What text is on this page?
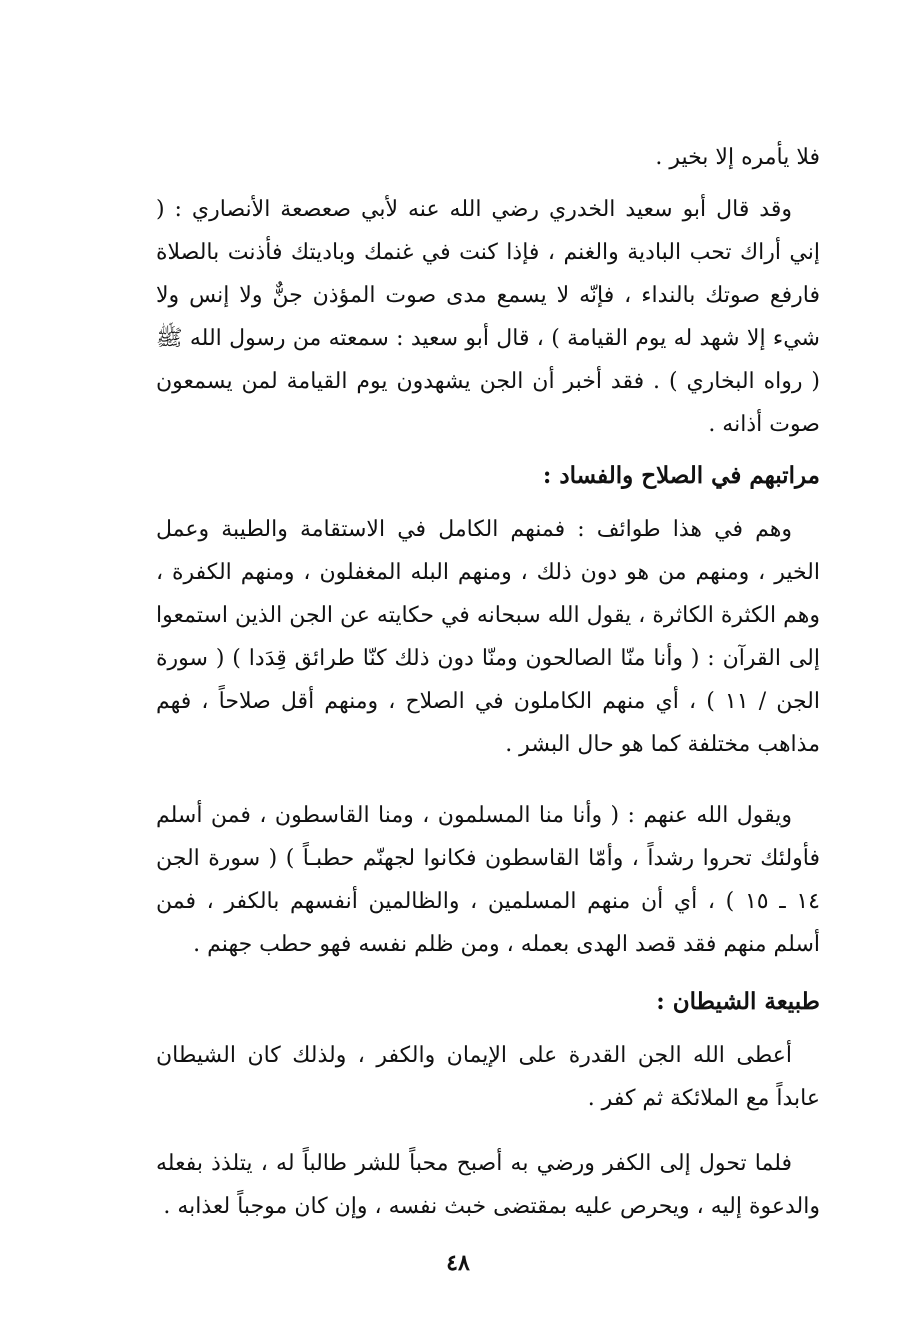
فلا يأمره إلا بخير .

وقد قال أبو سعيد الخدري رضي الله عنه لأبي صعصعة الأنصاري : ( إني أراك تحب البادية والغنم ، فإذا كنت في غنمك وباديتك فأذنت بالصلاة فارفع صوتك بالنداء ، فإنّه لا يسمع مدى صوت المؤذن جنٌّ ولا إنس ولا شيء إلا شهد له يوم القيامة ) ، قال أبو سعيد : سمعته من رسول الله ﷺ ( رواه البخاري ) . فقد أخبر أن الجن يشهدون يوم القيامة لمن يسمعون صوت أذانه .

مراتبهم في الصلاح والفساد :

وهم في هذا طوائف : فمنهم الكامل في الاستقامة والطيبة وعمل الخير ، ومنهم من هو دون ذلك ، ومنهم البله المغفلون ، ومنهم الكفرة ، وهم الكثرة الكاثرة ، يقول الله سبحانه في حكايته عن الجن الذين استمعوا إلى القرآن : ( وأنا منّا الصالحون ومنّا دون ذلك كنّا طرائق قِدَدا ) ( سورة الجن / ١١ ) ، أي منهم الكاملون في الصلاح ، ومنهم أقل صلاحاً ، فهم مذاهب مختلفة كما هو حال البشر .

ويقول الله عنهم : ( وأنا منا المسلمون ، ومنا القاسطون ، فمن أسلم فأولئك تحروا رشداً ، وأمّا القاسطون فكانوا لجهنّم حطبـاً ) ( سورة الجن ١٤ ـ ١٥ ) ، أي أن منهم المسلمين ، والظالمين أنفسهم بالكفر ، فمن أسلم منهم فقد قصد الهدى بعمله ، ومن ظلم نفسه فهو حطب جهنم .

طبيعة الشيطان :

أعطى الله الجن القدرة على الإيمان والكفر ، ولذلك كان الشيطان عابداً مع الملائكة ثم كفر .

فلما تحول إلى الكفر ورضي به أصبح محباً للشر طالباً له ، يتلذذ بفعله والدعوة إليه ، ويحرص عليه بمقتضى خبث نفسه ، وإن كان موجباً لعذابه .

٤٨
